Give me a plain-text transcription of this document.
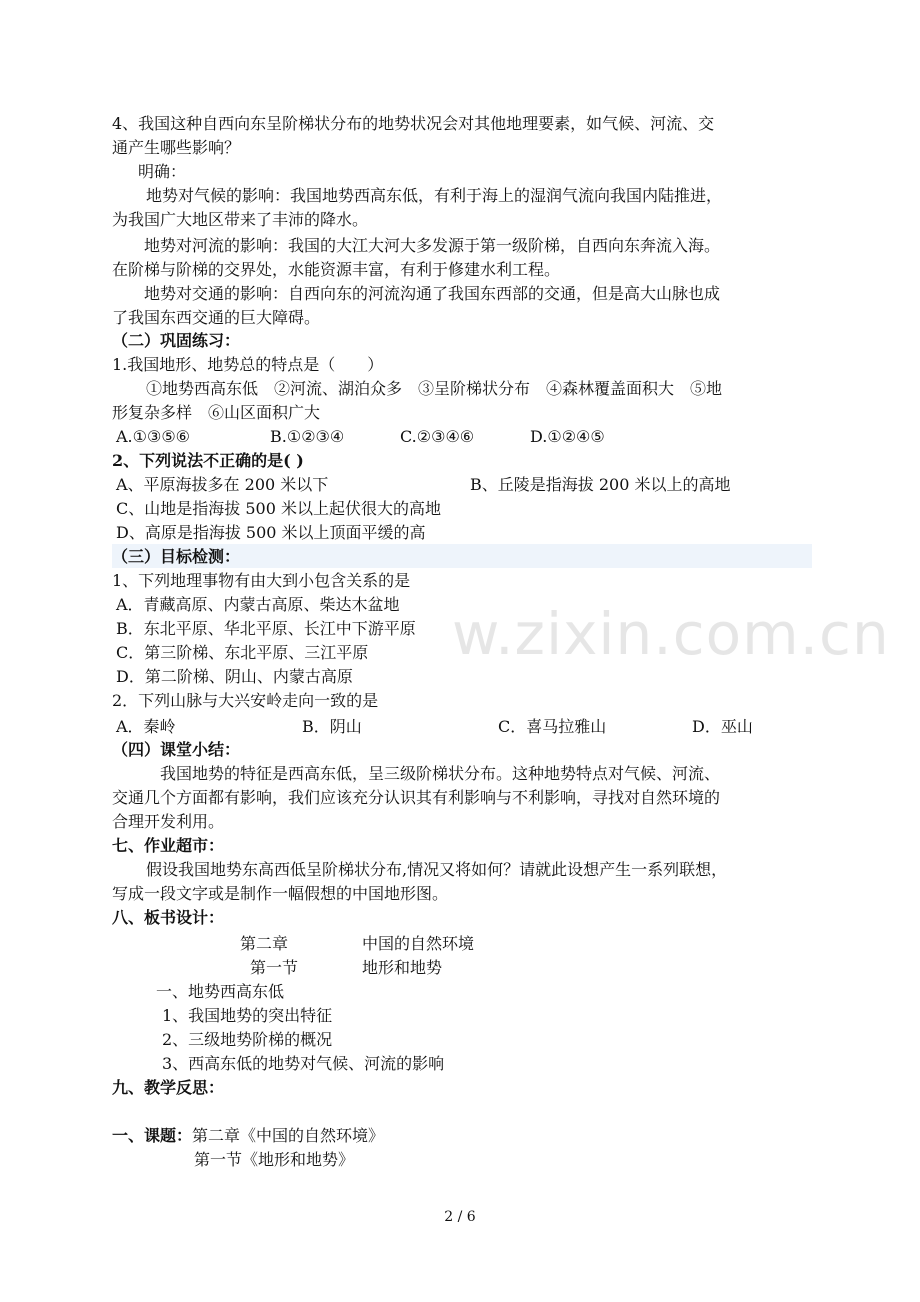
w.zixin.com.cn
4、我国这种自西向东呈阶梯状分布的地势状况会对其他地理要素，如气候、河流、交
通产生哪些影响？
明确：
地势对气候的影响：我国地势西高东低，有利于海上的湿润气流向我国内陆推进，
为我国广大地区带来了丰沛的降水。
地势对河流的影响：我国的大江大河大多发源于第一级阶梯，自西向东奔流入海。
在阶梯与阶梯的交界处，水能资源丰富，有利于修建水利工程。
地势对交通的影响：自西向东的河流沟通了我国东西部的交通，但是高大山脉也成
了我国东西交通的巨大障碍。
（二）巩固练习：
1.我国地形、地势总的特点是（　　）
①地势西高东低　②河流、湖泊众多　③呈阶梯状分布　④森林覆盖面积大　⑤地
形复杂多样　⑥山区面积广大
A.①③⑤⑥	B.①②③④	C.②③④⑥	D.①②④⑤
2、下列说法不正确的是( )
A、平原海拔多在 200 米以下	B、丘陵是指海拔 200 米以上的高地
C、山地是指海拔 500 米以上起伏很大的高地
D、高原是指海拔 500 米以上顶面平缓的高
（三）目标检测：
1、下列地理事物有由大到小包含关系的是
A．青藏高原、内蒙古高原、柴达木盆地
B．东北平原、华北平原、长江中下游平原
C．第三阶梯、东北平原、三江平原
D．第二阶梯、阴山、内蒙古高原
2．下列山脉与大兴安岭走向一致的是
A．秦岭	B．阴山	C．喜马拉雅山	D．巫山
（四）课堂小结：
我国地势的特征是西高东低，呈三级阶梯状分布。这种地势特点对气候、河流、
交通几个方面都有影响，我们应该充分认识其有利影响与不利影响，寻找对自然环境的
合理开发利用。
七、作业超市：
假设我国地势东高西低呈阶梯状分布,情况又将如何？请就此设想产生一系列联想，
写成一段文字或是制作一幅假想的中国地形图。
八、板书设计：
第二章	中国的自然环境
第一节	地形和地势
一、地势西高东低
1、我国地势的突出特征
2、三级地势阶梯的概况
3、西高东低的地势对气候、河流的影响
九、教学反思：
一、课题：第二章《中国的自然环境》
第一节《地形和地势》
2 / 6
